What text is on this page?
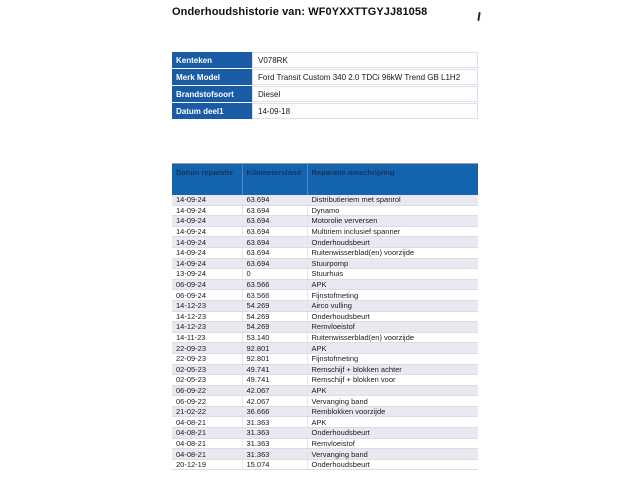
Onderhoudshistorie van: WF0YXXTTGYJJ81058
Kenteken	V078RK
Merk Model	Ford Transit Custom 340 2.0 TDCi 96kW Trend GB L1H2
Brandstofsoort	Diesel
Datum deel1	14-09-18
Datum reparatie	Kilometerstand	Reparatie omschrijving
14-09-24	63.694	Distributieriem met spanrol
14-09-24	63.694	Dynamo
14-09-24	63.694	Motorolie verversen
14-09-24	63.694	Multiriem inclusief spanner
14-09-24	63.694	Onderhoudsbeurt
14-09-24	63.694	Ruitenwisserblad(en) voorzijde
14-09-24	63.694	Stuurpomp
13-09-24	0	Stuurhuis
06-09-24	63.566	APK
06-09-24	63.566	Fijnstofmeting
14-12-23	54.269	Airco vulling
14-12-23	54.269	Onderhoudsbeurt
14-12-23	54.269	Remvloeistof
14-11-23	53.140	Ruitenwisserblad(en) voorzijde
22-09-23	92.801	APK
22-09-23	92.801	Fijnstofmeting
02-05-23	49.741	Remschijf + blokken achter
02-05-23	49.741	Remschijf + blokken voor
06-09-22	42.067	APK
06-09-22	42.067	Vervanging band
21-02-22	36.666	Remblokken voorzijde
04-08-21	31.363	APK
04-08-21	31.363	Onderhoudsbeurt
04-08-21	31.363	Remvloeistof
04-08-21	31.363	Vervanging band
20-12-19	15.074	Onderhoudsbeurt
